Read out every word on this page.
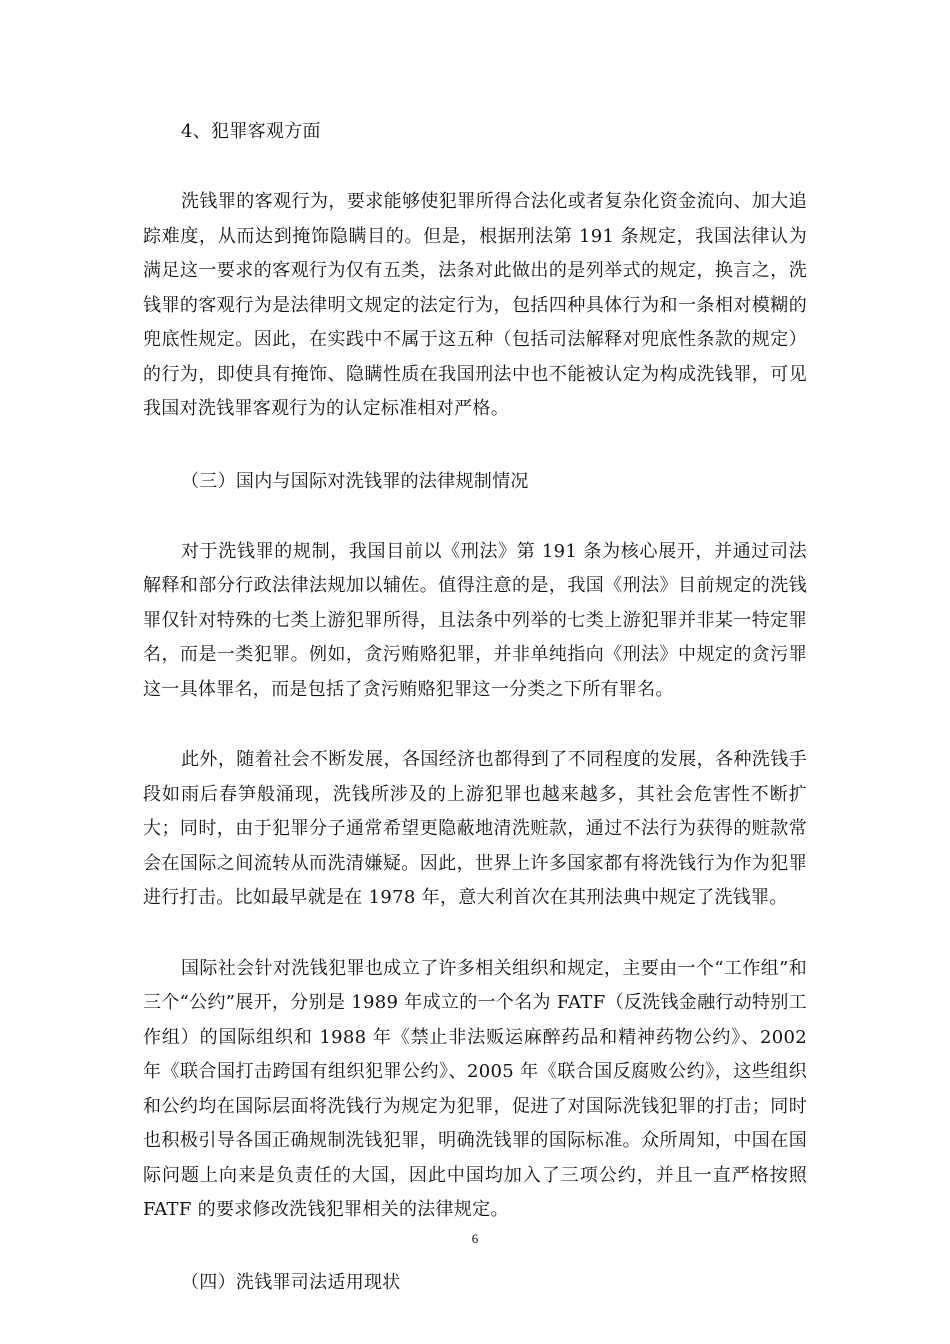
4、犯罪客观方面

洗钱罪的客观行为，要求能够使犯罪所得合法化或者复杂化资金流向、加大追踪难度，从而达到掩饰隐瞒目的。但是，根据刑法第 191 条规定，我国法律认为满足这一要求的客观行为仅有五类，法条对此做出的是列举式的规定，换言之，洗钱罪的客观行为是法律明文规定的法定行为，包括四种具体行为和一条相对模糊的兜底性规定。因此，在实践中不属于这五种（包括司法解释对兜底性条款的规定）的行为，即使具有掩饰、隐瞒性质在我国刑法中也不能被认定为构成洗钱罪，可见我国对洗钱罪客观行为的认定标准相对严格。

（三）国内与国际对洗钱罪的法律规制情况

对于洗钱罪的规制，我国目前以《刑法》第 191 条为核心展开，并通过司法解释和部分行政法律法规加以辅佐。值得注意的是，我国《刑法》目前规定的洗钱罪仅针对特殊的七类上游犯罪所得，且法条中列举的七类上游犯罪并非某一特定罪名，而是一类犯罪。例如，贪污贿赂犯罪，并非单纯指向《刑法》中规定的贪污罪这一具体罪名，而是包括了贪污贿赂犯罪这一分类之下所有罪名。

此外，随着社会不断发展，各国经济也都得到了不同程度的发展，各种洗钱手段如雨后春笋般涌现，洗钱所涉及的上游犯罪也越来越多，其社会危害性不断扩大；同时，由于犯罪分子通常希望更隐蔽地清洗赃款，通过不法行为获得的赃款常会在国际之间流转从而洗清嫌疑。因此，世界上许多国家都有将洗钱行为作为犯罪进行打击。比如最早就是在 1978 年，意大利首次在其刑法典中规定了洗钱罪。

国际社会针对洗钱犯罪也成立了许多相关组织和规定，主要由一个“工作组”和三个“公约”展开，分别是 1989 年成立的一个名为 FATF（反洗钱金融行动特别工作组）的国际组织和 1988 年《禁止非法贩运麻醉药品和精神药物公约》、2002 年《联合国打击跨国有组织犯罪公约》、2005 年《联合国反腐败公约》，这些组织和公约均在国际层面将洗钱行为规定为犯罪，促进了对国际洗钱犯罪的打击；同时也积极引导各国正确规制洗钱犯罪，明确洗钱罪的国际标准。众所周知，中国在国际问题上向来是负责任的大国，因此中国均加入了三项公约，并且一直严格按照 FATF 的要求修改洗钱犯罪相关的法律规定。

（四）洗钱罪司法适用现状
6
